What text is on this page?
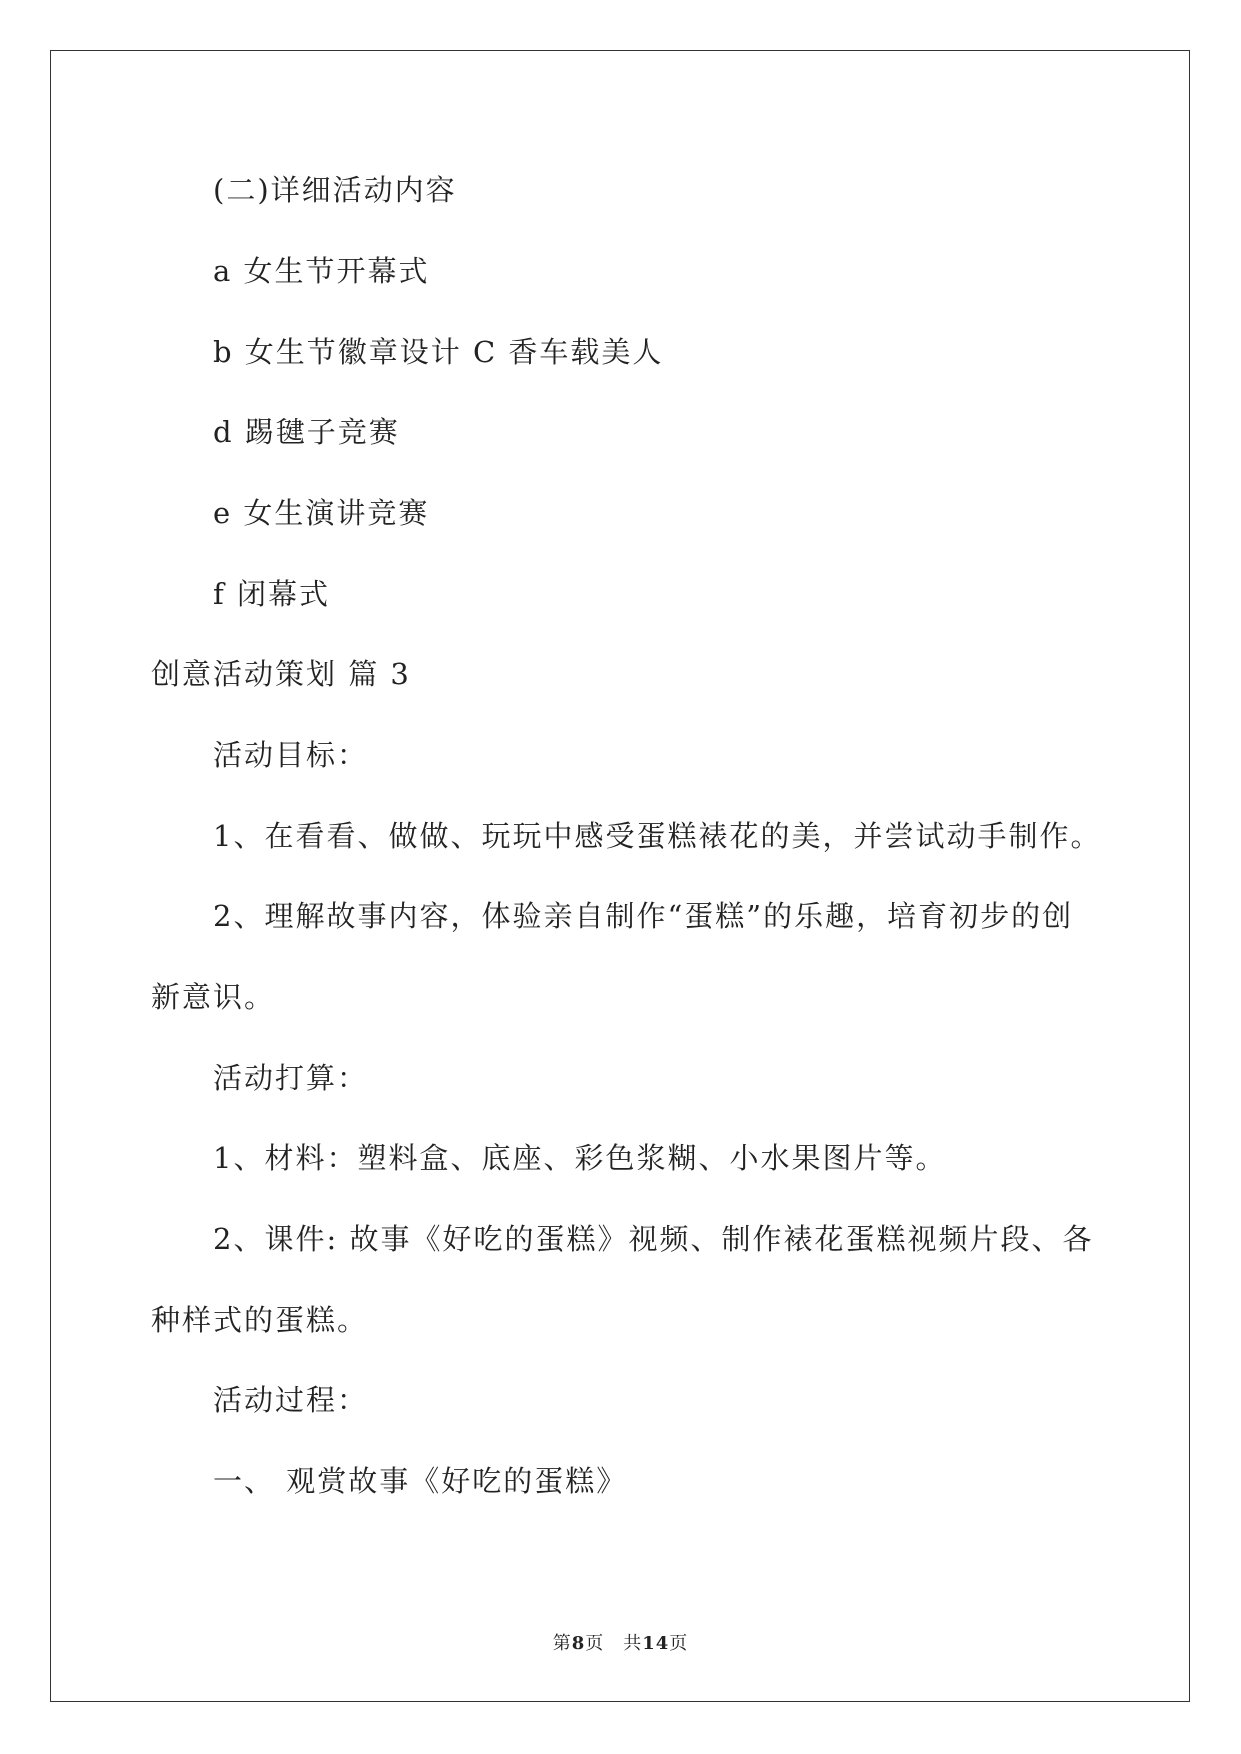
(二)详细活动内容
a 女生节开幕式
b 女生节徽章设计 C 香车载美人
d 踢毽子竞赛
e 女生演讲竞赛
f 闭幕式
创意活动策划 篇 3
活动目标：
1、在看看、做做、玩玩中感受蛋糕裱花的美，并尝试动手制作。
2、理解故事内容，体验亲自制作“蛋糕”的乐趣，培育初步的创
新意识。
活动打算：
1、材料：塑料盒、底座、彩色浆糊、小水果图片等。
2、课件: 故事《好吃的蛋糕》视频、制作裱花蛋糕视频片段、各
种样式的蛋糕。
活动过程：
一、 观赏故事《好吃的蛋糕》
第8页　共14页
